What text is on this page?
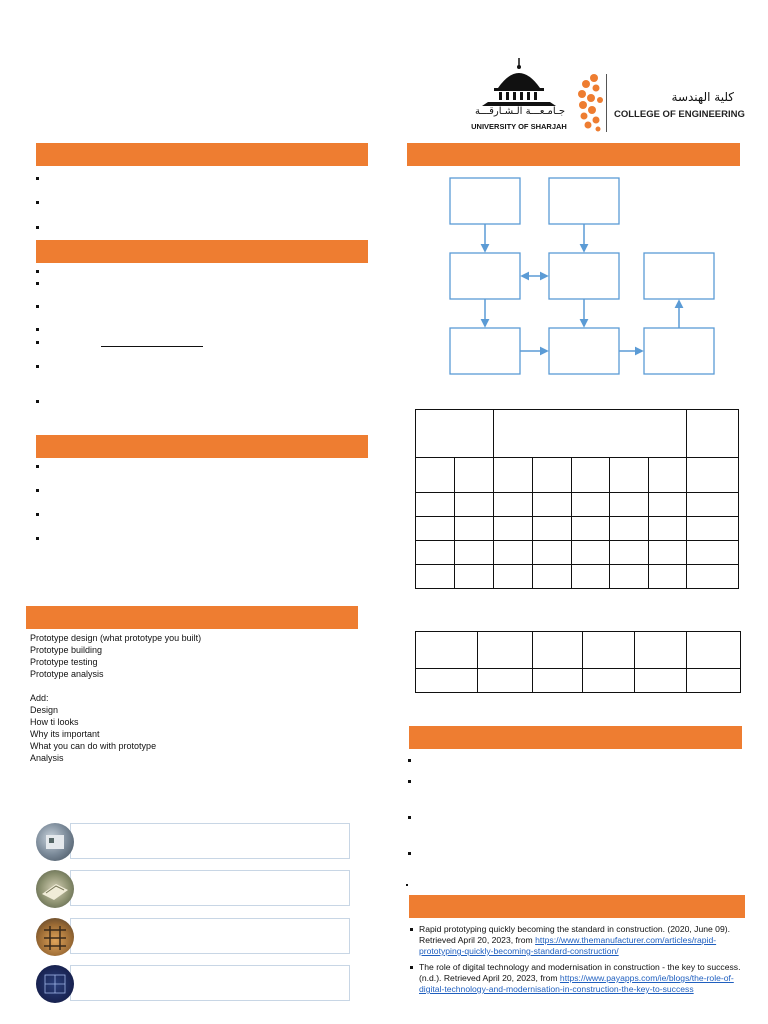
جـامـعـــة الـشـارقـــة
UNIVERSITY OF SHARJAH
كلية الهندسة
COLLEGE OF ENGINEERING
Prototype design (what prototype you built)
Prototype building
Prototype testing
Prototype analysis
Add:
Design
How ti looks
Why its important
What you can do with prototype
Analysis

Rapid prototyping quickly becoming the standard in construction. (2020, June 09). Retrieved April 20, 2023, from https://www.themanufacturer.com/articles/rapid-prototyping-quickly-becoming-standard-construction/
The role of digital technology and modernisation in construction - the key to success. (n.d.). Retrieved April 20, 2023, from https://www.payapps.com/ie/blogs/the-role-of-digital-technology-and-modernisation-in-construction-the-key-to-success
